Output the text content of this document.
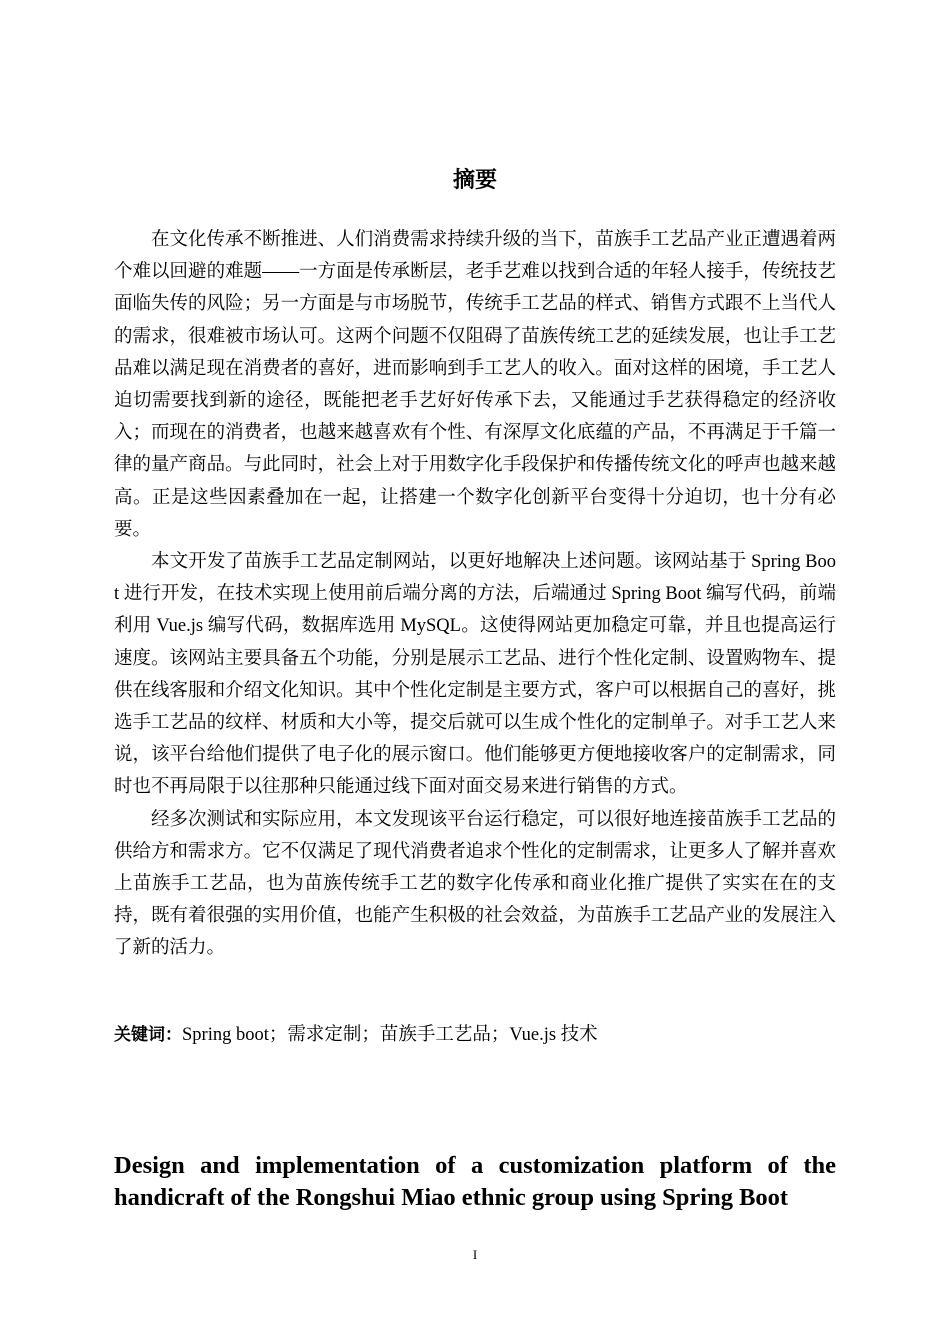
摘要

在文化传承不断推进、人们消费需求持续升级的当下，苗族手工艺品产业正遭遇着两个难以回避的难题——一方面是传承断层，老手艺难以找到合适的年轻人接手，传统技艺面临失传的风险；另一方面是与市场脱节，传统手工艺品的样式、销售方式跟不上当代人的需求，很难被市场认可。这两个问题不仅阻碍了苗族传统工艺的延续发展，也让手工艺品难以满足现在消费者的喜好，进而影响到手工艺人的收入。面对这样的困境，手工艺人迫切需要找到新的途径，既能把老手艺好好传承下去，又能通过手艺获得稳定的经济收入；而现在的消费者，也越来越喜欢有个性、有深厚文化底蕴的产品，不再满足于千篇一律的量产商品。与此同时，社会上对于用数字化手段保护和传播传统文化的呼声也越来越高。正是这些因素叠加在一起，让搭建一个数字化创新平台变得十分迫切，也十分有必要。

本文开发了苗族手工艺品定制网站，以更好地解决上述问题。该网站基于 Spring Boot 进行开发，在技术实现上使用前后端分离的方法，后端通过 Spring Boot 编写代码，前端利用 Vue.js 编写代码，数据库选用 MySQL。这使得网站更加稳定可靠，并且也提高运行速度。该网站主要具备五个功能，分别是展示工艺品、进行个性化定制、设置购物车、提供在线客服和介绍文化知识。其中个性化定制是主要方式，客户可以根据自己的喜好，挑选手工艺品的纹样、材质和大小等，提交后就可以生成个性化的定制单子。对手工艺人来说，该平台给他们提供了电子化的展示窗口。他们能够更方便地接收客户的定制需求，同时也不再局限于以往那种只能通过线下面对面交易来进行销售的方式。

经多次测试和实际应用，本文发现该平台运行稳定，可以很好地连接苗族手工艺品的供给方和需求方。它不仅满足了现代消费者追求个性化的定制需求，让更多人了解并喜欢上苗族手工艺品，也为苗族传统手工艺的数字化传承和商业化推广提供了实实在在的支持，既有着很强的实用价值，也能产生积极的社会效益，为苗族手工艺品产业的发展注入了新的活力。

关键词：Spring boot；需求定制；苗族手工艺品；Vue.js 技术

Design and implementation of a customization platform of the handicraft of the Rongshui Miao ethnic group using Spring Boot
I
